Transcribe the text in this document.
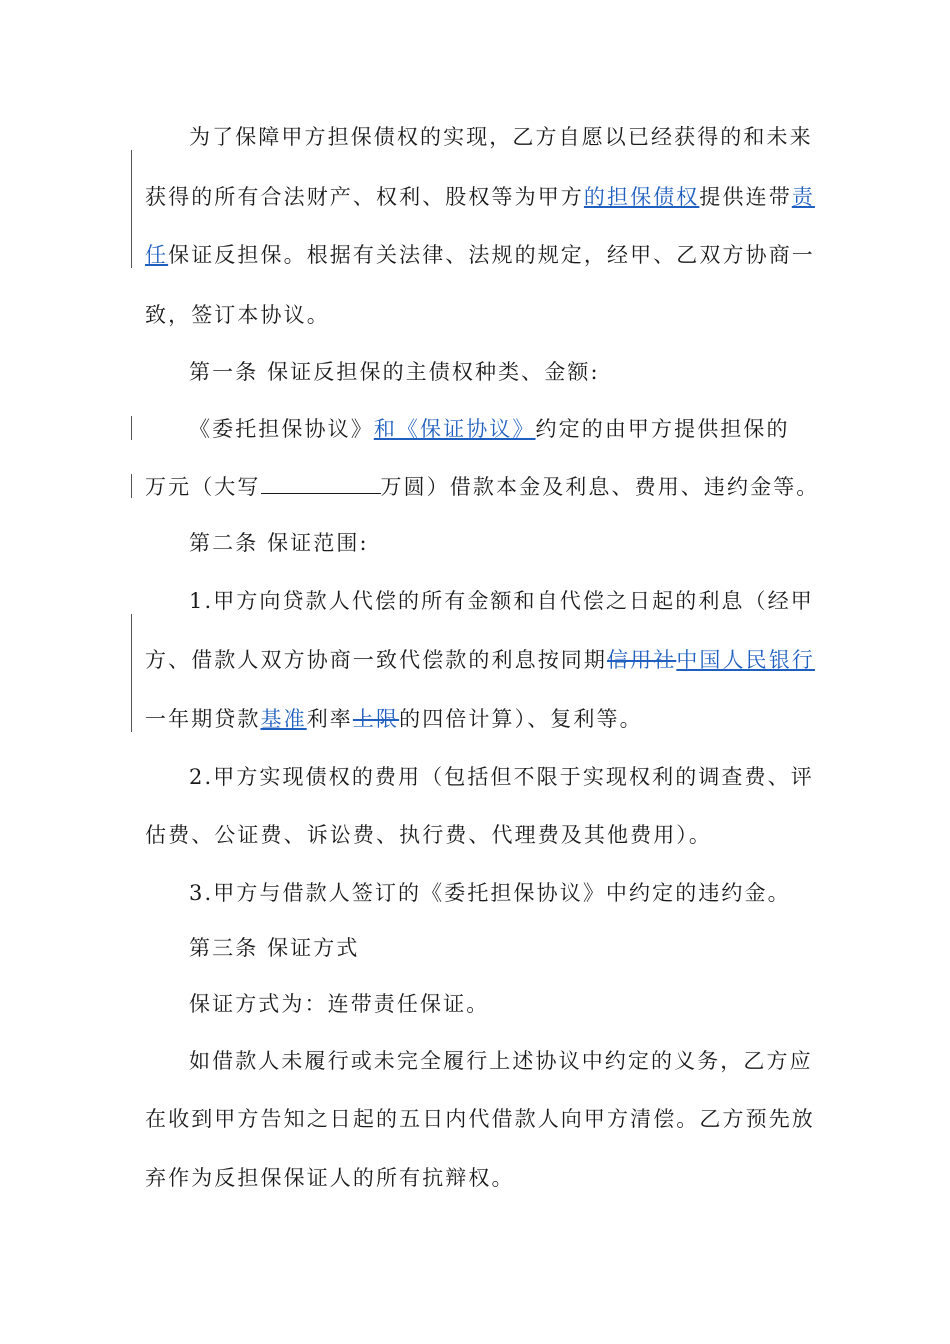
为了保障甲方担保债权的实现，乙方自愿以已经获得的和未来
获得的所有合法财产、权利、股权等为甲方的担保债权提供连带责
任保证反担保。根据有关法律、法规的规定，经甲、乙双方协商一
致，签订本协议。
第一条 保证反担保的主债权种类、金额:
《委托担保协议》和《保证协议》约定的由甲方提供担保的
万元（大写	万圆）借款本金及利息、费用、违约金等。
第二条 保证范围:
1.甲方向贷款人代偿的所有金额和自代偿之日起的利息（经甲
方、借款人双方协商一致代偿款的利息按同期信用社中国人民银行
一年期贷款基准利率上限的四倍计算）、复利等。
2.甲方实现债权的费用（包括但不限于实现权利的调查费、评
估费、公证费、诉讼费、执行费、代理费及其他费用）。
3.甲方与借款人签订的《委托担保协议》中约定的违约金。
第三条 保证方式
保证方式为：连带责任保证。
如借款人未履行或未完全履行上述协议中约定的义务，乙方应
在收到甲方告知之日起的五日内代借款人向甲方清偿。乙方预先放
弃作为反担保保证人的所有抗辩权。
